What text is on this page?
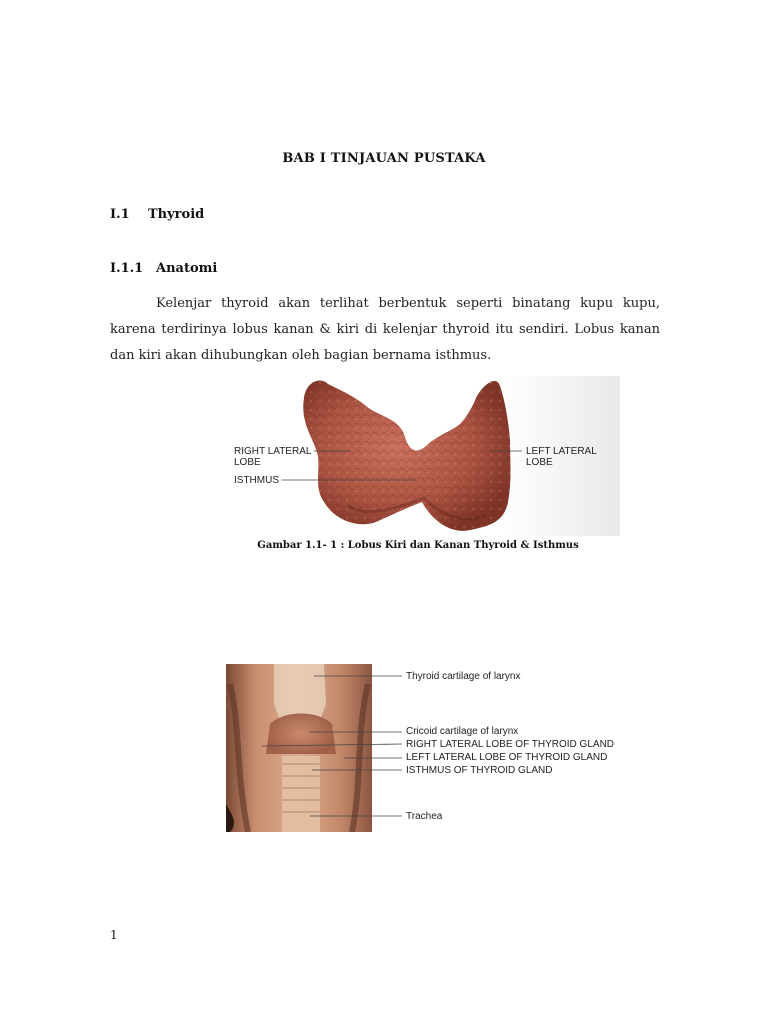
BAB I TINJAUAN PUSTAKA
I.1 Thyroid
I.1.1 Anatomi

Kelenjar thyroid akan terlihat berbentuk seperti binatang kupu kupu, karena terdirinya lobus kanan & kiri di kelenjar thyroid itu sendiri. Lobus kanan dan kiri akan dihubungkan oleh bagian bernama isthmus.

RIGHT LATERAL
LOBE
ISTHMUS
LEFT LATERAL
LOBE
Gambar 1.1- 1 : Lobus Kiri dan Kanan Thyroid & Isthmus
Thyroid cartilage of larynx
Cricoid cartilage of larynx
RIGHT LATERAL LOBE OF THYROID GLAND
LEFT LATERAL LOBE OF THYROID GLAND
ISTHMUS OF THYROID GLAND
Trachea
1
